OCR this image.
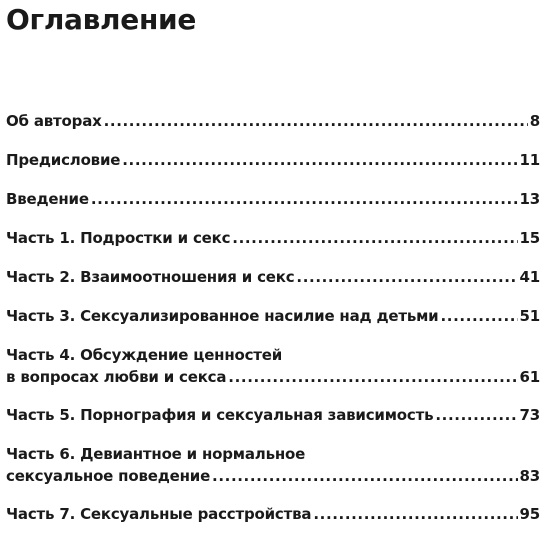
Оглавление
Об авторах .....	8
Предисловие .....	11
Введение .....	13
Часть 1. Подростки и секс .....	15
Часть 2. Взаимоотношения и секс .....	41
Часть 3. Сексуализированное насилие над детьми .....	51
Часть 4. Обсуждение ценностей
в вопросах любви и секса .....	61
Часть 5. Порнография и сексуальная зависимость .....	73
Часть 6. Девиантное и нормальное
сексуальное поведение .....	83
Часть 7. Сексуальные расстройства .....	95
